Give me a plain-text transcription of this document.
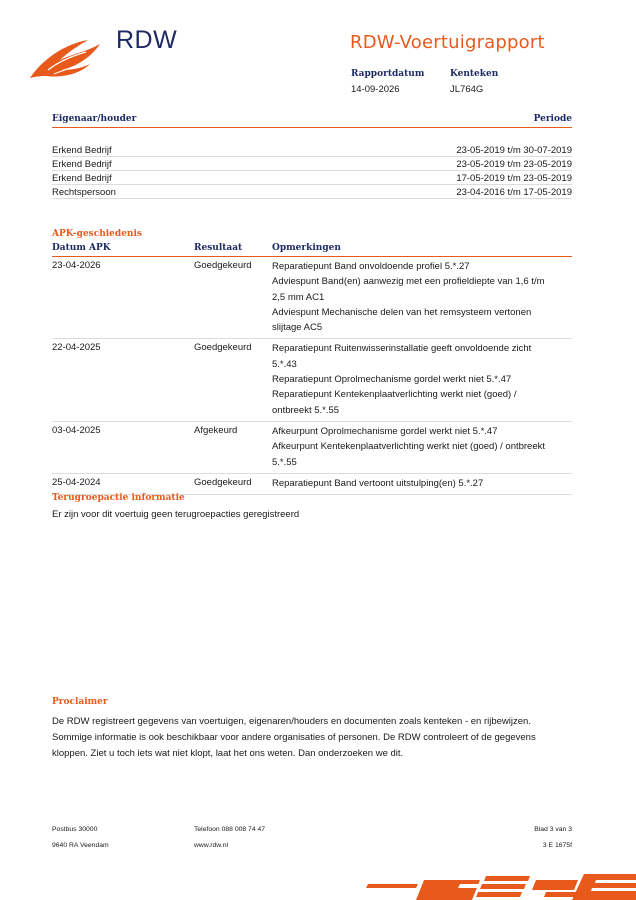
RDW	RDW-Voertuigrapport
Rapportdatum
14-09-2026
Kenteken
JL764G
Eigenaar/houder	Periode
Erkend Bedrijf	23-05-2019 t/m 30-07-2019
Erkend Bedrijf	23-05-2019 t/m 23-05-2019
Erkend Bedrijf	17-05-2019 t/m 23-05-2019
Rechtspersoon	23-04-2016 t/m 17-05-2019
APK-geschiedenis
Datum APK	Resultaat	Opmerkingen
23-04-2026	Goedgekeurd Reparatiepunt Band onvoldoende profiel 5.*.27
Adviespunt Band(en) aanwezig met een profieldiepte van 1,6 t/m
2,5 mm AC1
Adviespunt Mechanische delen van het remsysteem vertonen
slijtage AC5
22-04-2025	Goedgekeurd Reparatiepunt Ruitenwisserinstallatie geeft onvoldoende zicht
5.*.43
Reparatiepunt Oprolmechanisme gordel werkt niet 5.*.47
Reparatiepunt Kentekenplaatverlichting werkt niet (goed) /
ontbreekt 5.*.55
03-04-2025	Afgekeurd	Afkeurpunt Oprolmechanisme gordel werkt niet 5.*.47
Afkeurpunt Kentekenplaatverlichting werkt niet (goed) / ontbreekt
5.*.55
25-04-2024	Goedgekeurd Reparatiepunt Band vertoont uitstulping(en) 5.*.27
Terugroepactie informatie
Er zijn voor dit voertuig geen terugroepacties geregistreerd
Proclaimer
De RDW registreert gegevens van voertuigen, eigenaren/houders en documenten zoals kenteken - en rijbewijzen. Sommige informatie is ook beschikbaar voor andere organisaties of personen. De RDW controleert of de gegevens kloppen. Ziet u toch iets wat niet klopt, laat het ons weten. Dan onderzoeken we dit.
Postbus 30000
9640 RA Veendam
Telefoon 088 008 74 47
www.rdw.nl
Blad 3 van 3
3 E 1675f
